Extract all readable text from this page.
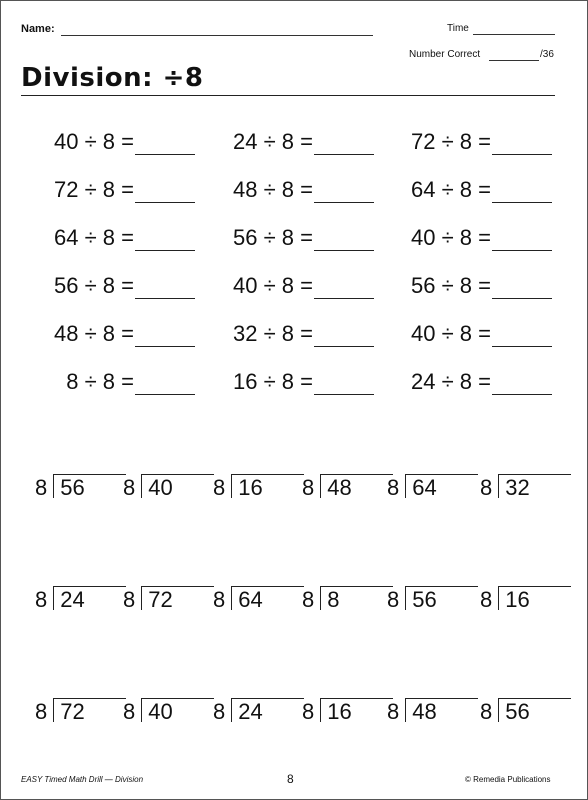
Name:	Time
Number Correct	/36
Division: ÷8
40 ÷ 8 =	24 ÷ 8 =	72 ÷ 8 =
72 ÷ 8 =	48 ÷ 8 =	64 ÷ 8 =
64 ÷ 8 =	56 ÷ 8 =	40 ÷ 8 =
56 ÷ 8 =	40 ÷ 8 =	56 ÷ 8 =
48 ÷ 8 =	32 ÷ 8 =	40 ÷ 8 =
8 ÷ 8 =	16 ÷ 8 =	24 ÷ 8 =
8 56	8 40	8 16	8 48	8 64	8 32
8 24	8 72	8 64	8 8	8 56	8 16
8 72	8 40	8 24	8 16	8 48	8 56
EASY Timed Math Drill — Division	8	© Remedia Publications
